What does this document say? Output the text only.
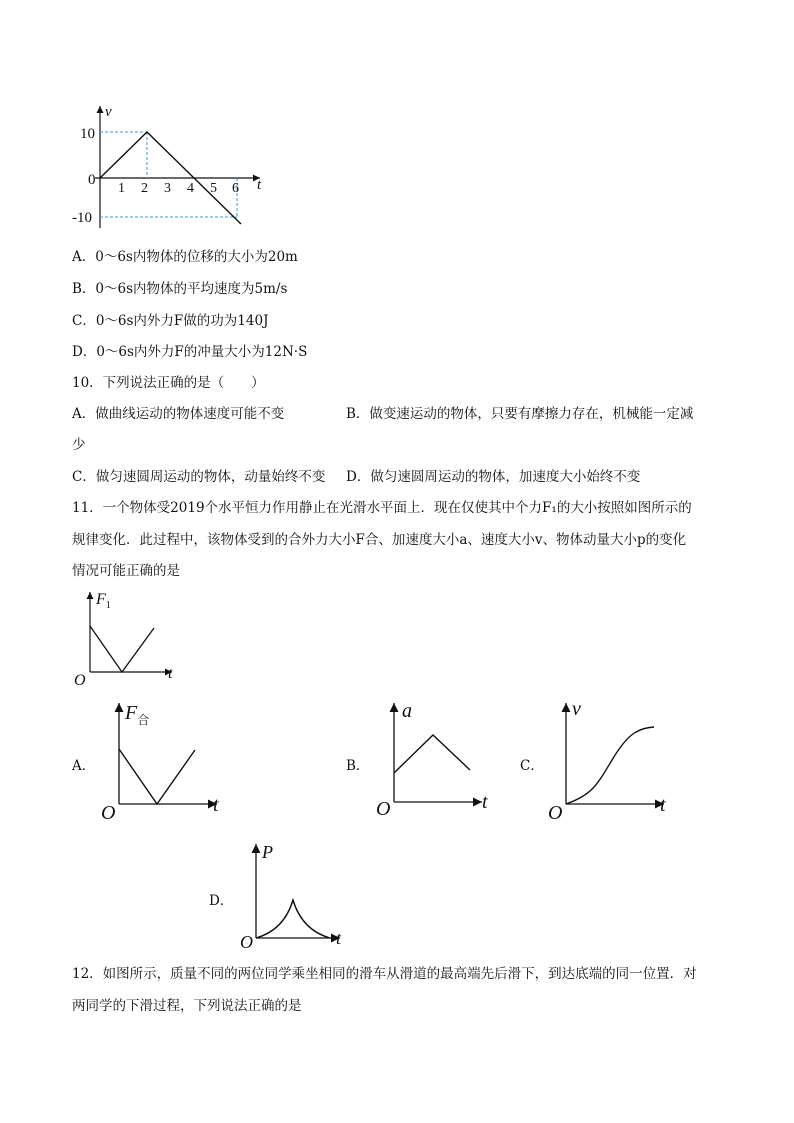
v
t
10
0
-10
1 2 3 4 5 6
A．0～6s内物体的位移的大小为20m
B．0～6s内物体的平均速度为5m/s
C．0～6s内外力F做的功为140J
D．0～6s内外力F的冲量大小为12N·S
10．下列说法正确的是（　　）
A．做曲线运动的物体速度可能不变	B．做变速运动的物体，只要有摩擦力存在，机械能一定减
少
C．做匀速圆周运动的物体，动量始终不变 D．做匀速圆周运动的物体，加速度大小始终不变
11．一个物体受2019个水平恒力作用静止在光滑水平面上．现在仅使其中个力F₁的大小按照如图所示的
规律变化．此过程中，该物体受到的合外力大小F合、加速度大小a、速度大小v、物体动量大小p的变化
情况可能正确的是
$F_1$
t
O
A．
$F_合$
t
O
B．
a
t
O
C．
v
t
O
D．
P
t
O
12．如图所示，质量不同的两位同学乘坐相同的滑车从滑道的最高端先后滑下，到达底端的同一位置．对
两同学的下滑过程，下列说法正确的是
